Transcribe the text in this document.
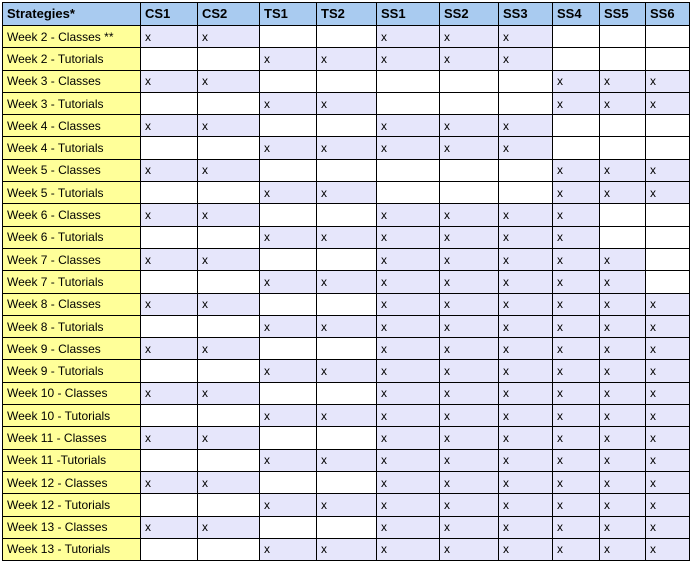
Strategies*	CS1	CS2	TS1	TS2	SS1	SS2	SS3	SS4	SS5	SS6
Week 2 - Classes **	x	x			x	x	x			
Week 2 - Tutorials			x	x	x	x	x			
Week 3 - Classes	x	x						x	x	x
Week 3 - Tutorials			x	x				x	x	x
Week 4 - Classes	x	x			x	x	x			
Week 4 - Tutorials			x	x	x	x	x			
Week 5 - Classes	x	x						x	x	x
Week 5 - Tutorials			x	x				x	x	x
Week 6 - Classes	x	x			x	x	x	x		
Week 6 - Tutorials			x	x	x	x	x	x		
Week 7 - Classes	x	x			x	x	x	x	x	
Week 7 - Tutorials			x	x	x	x	x	x	x	
Week 8 - Classes	x	x			x	x	x	x	x	x
Week 8 - Tutorials			x	x	x	x	x	x	x	x
Week 9 - Classes	x	x			x	x	x	x	x	x
Week 9 - Tutorials			x	x	x	x	x	x	x	x
Week 10 - Classes	x	x			x	x	x	x	x	x
Week 10 - Tutorials			x	x	x	x	x	x	x	x
Week 11 - Classes	x	x			x	x	x	x	x	x
Week 11 -Tutorials			x	x	x	x	x	x	x	x
Week 12 - Classes	x	x			x	x	x	x	x	x
Week 12 - Tutorials			x	x	x	x	x	x	x	x
Week 13 - Classes	x	x			x	x	x	x	x	x
Week 13 - Tutorials			x	x	x	x	x	x	x	x
